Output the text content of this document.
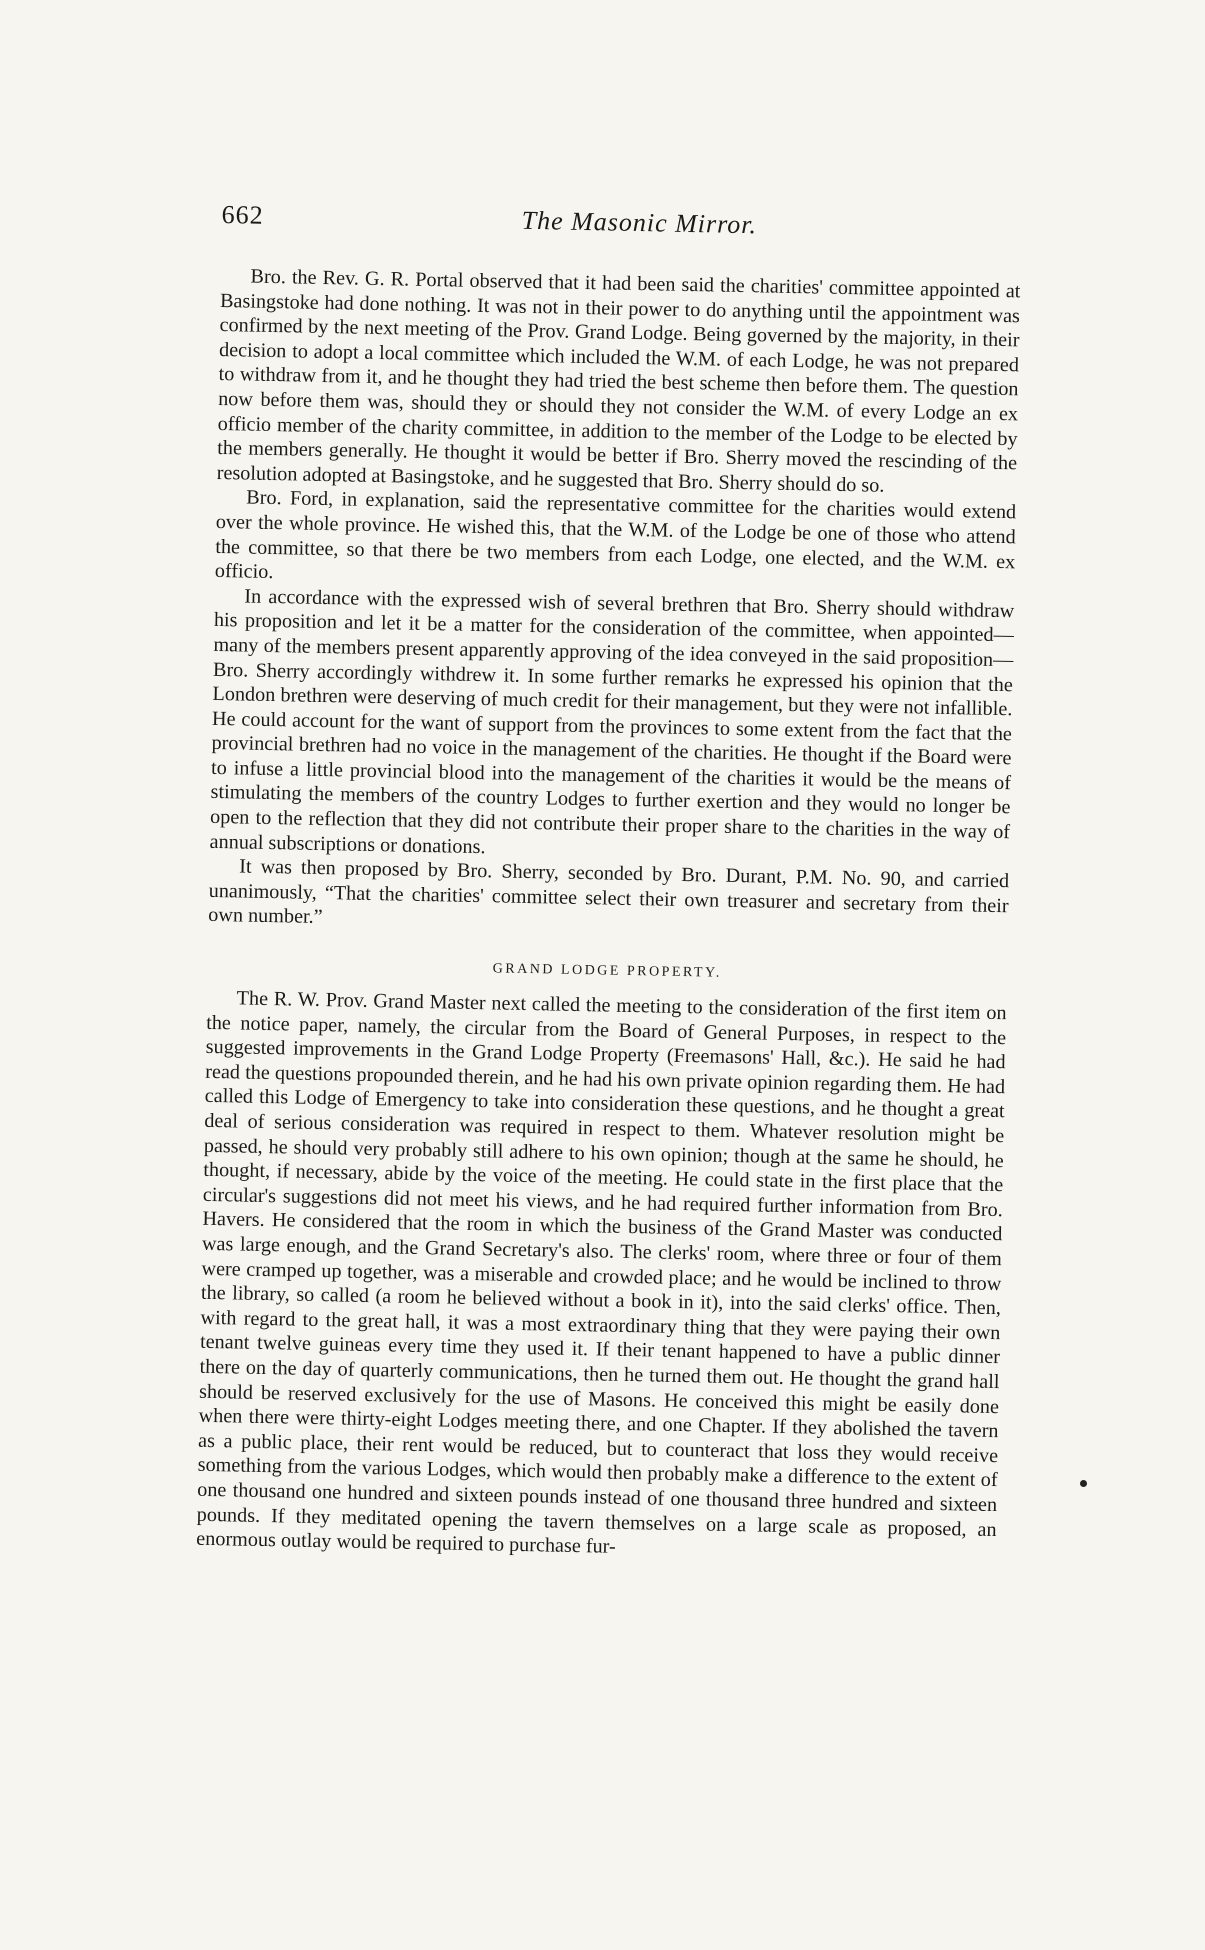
662	The Masonic Mirror.

Bro. the Rev. G. R. Portal observed that it had been said the charities' committee appointed at Basingstoke had done nothing. It was not in their power to do anything until the appointment was confirmed by the next meeting of the Prov. Grand Lodge. Being governed by the majority, in their decision to adopt a local committee which included the W.M. of each Lodge, he was not prepared to withdraw from it, and he thought they had tried the best scheme then before them. The question now before them was, should they or should they not consider the W.M. of every Lodge an ex officio member of the charity committee, in addition to the member of the Lodge to be elected by the members generally. He thought it would be better if Bro. Sherry moved the rescinding of the resolution adopted at Basingstoke, and he suggested that Bro. Sherry should do so.

Bro. Ford, in explanation, said the representative committee for the charities would extend over the whole province. He wished this, that the W.M. of the Lodge be one of those who attend the committee, so that there be two members from each Lodge, one elected, and the W.M. ex officio.

In accordance with the expressed wish of several brethren that Bro. Sherry should withdraw his proposition and let it be a matter for the consideration of the committee, when appointed—many of the members present apparently approving of the idea conveyed in the said proposition—Bro. Sherry accordingly withdrew it. In some further remarks he expressed his opinion that the London brethren were deserving of much credit for their management, but they were not infallible. He could account for the want of support from the provinces to some extent from the fact that the provincial brethren had no voice in the management of the charities. He thought if the Board were to infuse a little provincial blood into the management of the charities it would be the means of stimulating the members of the country Lodges to further exertion and they would no longer be open to the reflection that they did not contribute their proper share to the charities in the way of annual subscriptions or donations.

It was then proposed by Bro. Sherry, seconded by Bro. Durant, P.M. No. 90, and carried unanimously, “That the charities' committee select their own treasurer and secretary from their own number.”

GRAND LODGE PROPERTY.

The R. W. Prov. Grand Master next called the meeting to the consideration of the first item on the notice paper, namely, the circular from the Board of General Purposes, in respect to the suggested improvements in the Grand Lodge Property (Freemasons' Hall, &c.). He said he had read the questions propounded therein, and he had his own private opinion regarding them. He had called this Lodge of Emergency to take into consideration these questions, and he thought a great deal of serious consideration was required in respect to them. Whatever resolution might be passed, he should very probably still adhere to his own opinion; though at the same he should, he thought, if necessary, abide by the voice of the meeting. He could state in the first place that the circular's suggestions did not meet his views, and he had required further information from Bro. Havers. He considered that the room in which the business of the Grand Master was conducted was large enough, and the Grand Secretary's also. The clerks' room, where three or four of them were cramped up together, was a miserable and crowded place; and he would be inclined to throw the library, so called (a room he believed without a book in it), into the said clerks' office. Then, with regard to the great hall, it was a most extraordinary thing that they were paying their own tenant twelve guineas every time they used it. If their tenant happened to have a public dinner there on the day of quarterly communications, then he turned them out. He thought the grand hall should be reserved exclusively for the use of Masons. He conceived this might be easily done when there were thirty-eight Lodges meeting there, and one Chapter. If they abolished the tavern as a public place, their rent would be reduced, but to counteract that loss they would receive something from the various Lodges, which would then probably make a difference to the extent of one thousand one hundred and sixteen pounds instead of one thousand three hundred and sixteen pounds. If they meditated opening the tavern themselves on a large scale as proposed, an enormous outlay would be required to purchase fur-
